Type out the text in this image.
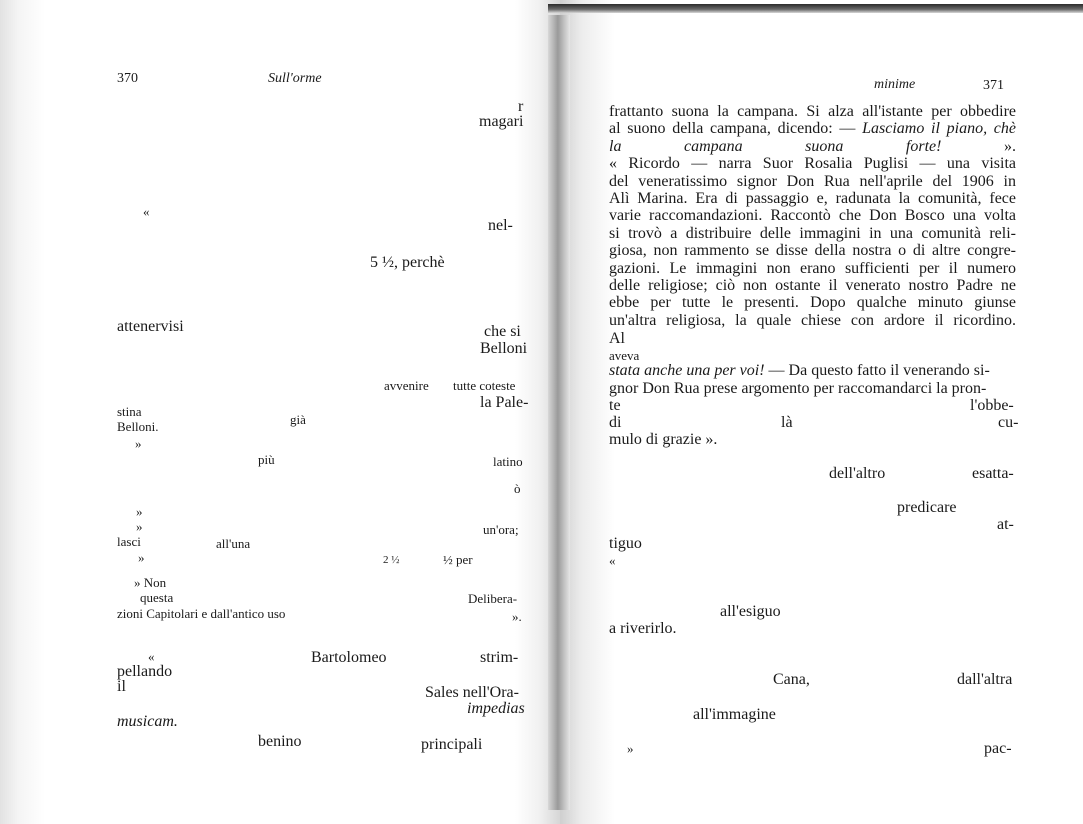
370	Sull'orme
r
magari
«
nel-
5 ½, perchè
attenervisi	che si
Belloni
avvenire tutte coteste
la Pale-
stina
già
Belloni.
»
più	latino
ò
»
»	un'ora;
lasci	all'una
»	2 ½	½ per
» Non
questa	Delibera-
zioni Capitolari e dall'antico uso	».
«	Bartolomeo	strim-
pellando
il	Sales nell'Ora-
impedias
musicam.
benino	principali
minime	371
frattanto suona la campana. Si alza all'istante per obbedire
al suono della campana, dicendo: — Lasciamo il piano, chè
la campana suona forte! ».
« Ricordo — narra Suor Rosalia Puglisi — una visita
del veneratissimo signor Don Rua nell'aprile del 1906 in
Alì Marina. Era di passaggio e, radunata la comunità, fece
varie raccomandazioni. Raccontò che Don Bosco una volta
si trovò a distribuire delle immagini in una comunità reli-
giosa, non rammento se disse della nostra o di altre congre-
gazioni. Le immagini non erano sufficienti per il numero
delle religiose; ciò non ostante il venerato nostro Padre ne
ebbe per tutte le presenti. Dopo qualche minuto giunse
un'altra religiosa, la quale chiese con ardore il ricordino.
Al
aveva
stata anche una per voi! — Da questo fatto il venerando si-
gnor Don Rua prese argomento per raccomandarci la pron-
te	l'obbe-
di	là	cu-
mulo di grazie ».
dell'altro	esatta-
predicare
at-
tiguo
«
all'esiguo
a riverirlo.
Cana,	dall'altra
all'immagine
»	pac-
